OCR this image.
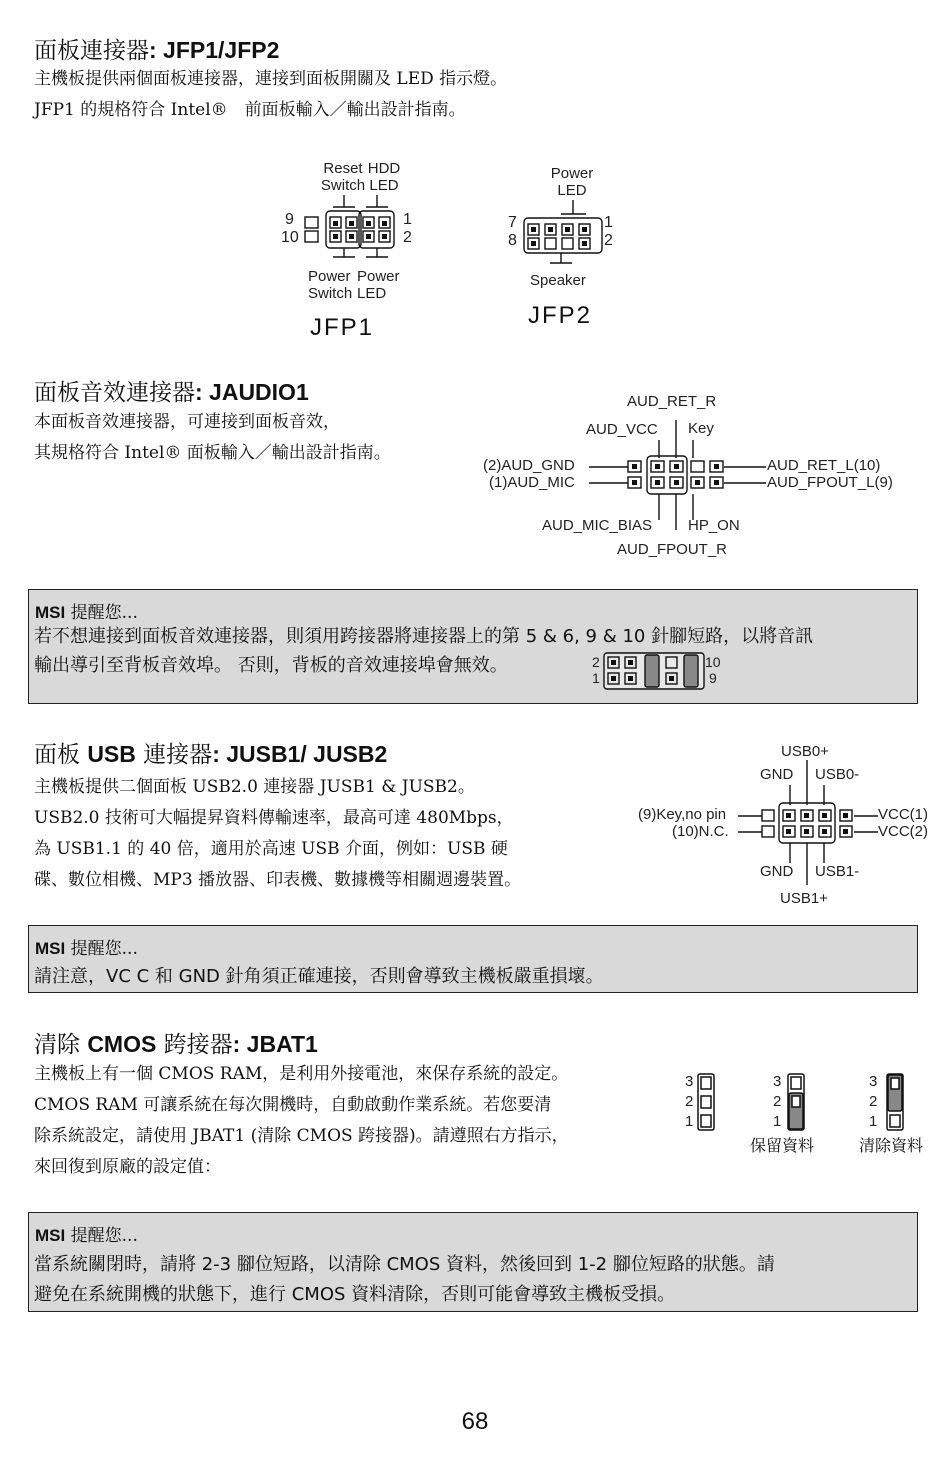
面板連接器: JFP1/JFP2
主機板提供兩個面板連接器，連接到面板開關及 LED 指示燈。
JFP1 的規格符合 Intel®　前面板輸入／輸出設計指南。
Reset
Switch
HDD
LED
9
10
1
2
Power
Switch
Power
LED
JFP1
Power
LED
7
8
1
2
Speaker
JFP2
面板音效連接器: JAUDIO1
本面板音效連接器，可連接到面板音效，
其規格符合 Intel® 面板輸入／輸出設計指南。
AUD_RET_R
AUD_VCC Key
(2)AUD_GND
(1)AUD_MIC
AUD_RET_L(10)
AUD_FPOUT_L(9)
AUD_MIC_BIAS HP_ON
AUD_FPOUT_R
MSI 提醒您...
若不想連接到面板音效連接器，則須用跨接器將連接器上的第 5 & 6, 9 & 10 針腳短路，以將音訊
輸出導引至背板音效埠。 否則，背板的音效連接埠會無效。	2
1
10
9
面板 USB 連接器: JUSB1/ JUSB2
主機板提供二個面板 USB2.0 連接器 JUSB1 & JUSB2。
USB2.0 技術可大幅提昇資料傳輸速率，最高可達 480Mbps，
為 USB1.1 的 40 倍，適用於高速 USB 介面，例如：USB 硬
碟、數位相機、MP3 播放器、印表機、數據機等相關週邊裝置。
USB0+
GND USB0-
(9)Key,no pin
(10)N.C.
VCC(1)
VCC(2)
GND USB1-
USB1+
MSI 提醒您...
請注意，VC C 和 GND 針角須正確連接，否則會導致主機板嚴重損壞。
清除 CMOS 跨接器: JBAT1
主機板上有一個 CMOS RAM，是利用外接電池，來保存系統的設定。
CMOS RAM 可讓系統在每次開機時，自動啟動作業系統。若您要清
除系統設定，請使用 JBAT1 (清除 CMOS 跨接器)。請遵照右方指示，
來回復到原廠的設定值：
3
2
1
3
2
1
保留資料
3
2
1
清除資料
MSI 提醒您...
當系統關閉時，請將 2-3 腳位短路，以清除 CMOS 資料，然後回到 1-2 腳位短路的狀態。請
避免在系統開機的狀態下，進行 CMOS 資料清除，否則可能會導致主機板受損。
68
